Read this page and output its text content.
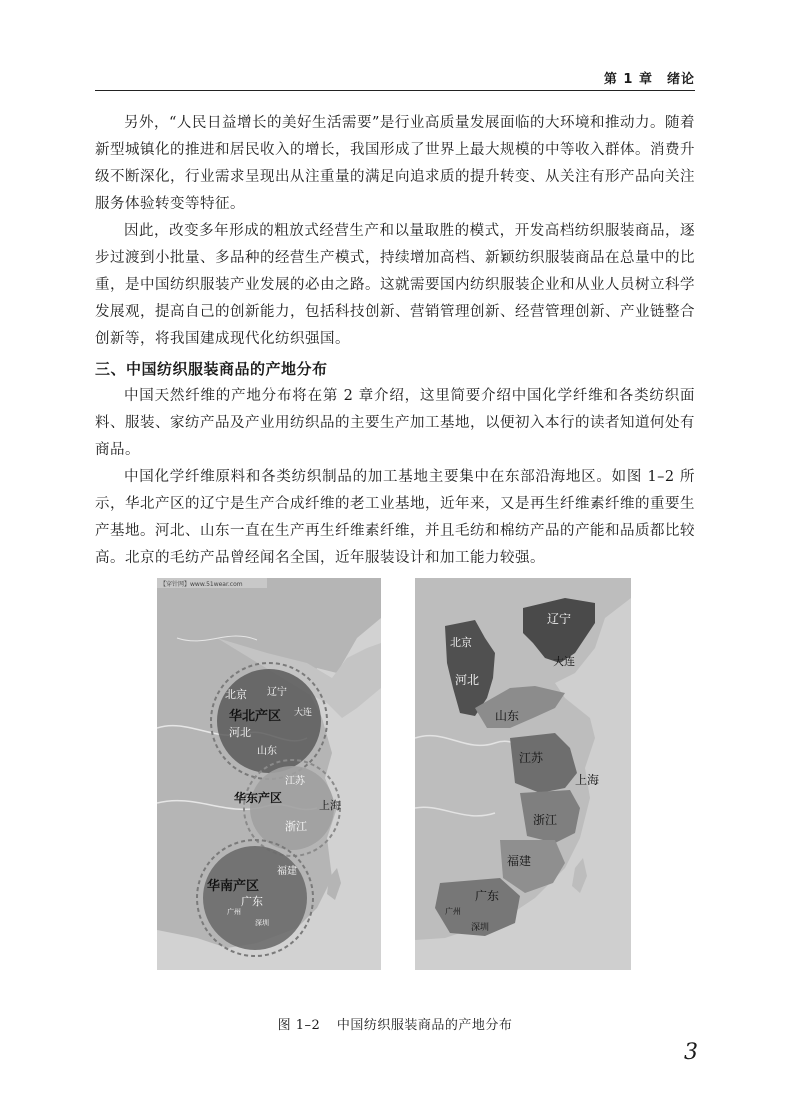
第 1 章　绪论

另外，“人民日益增长的美好生活需要”是行业高质量发展面临的大环境和推动力。随着新型城镇化的推进和居民收入的增长，我国形成了世界上最大规模的中等收入群体。消费升级不断深化，行业需求呈现出从注重量的满足向追求质的提升转变、从关注有形产品向关注服务体验转变等特征。

因此，改变多年形成的粗放式经营生产和以量取胜的模式，开发高档纺织服装商品，逐步过渡到小批量、多品种的经营生产模式，持续增加高档、新颖纺织服装商品在总量中的比重，是中国纺织服装产业发展的必由之路。这就需要国内纺织服装企业和从业人员树立科学发展观，提高自己的创新能力，包括科技创新、营销管理创新、经营管理创新、产业链整合创新等，将我国建成现代化纺织强国。

三、中国纺织服装商品的产地分布

中国天然纤维的产地分布将在第 2 章介绍，这里简要介绍中国化学纤维和各类纺织面料、服装、家纺产品及产业用纺织品的主要生产加工基地，以便初入本行的读者知道何处有商品。

中国化学纤维原料和各类纺织制品的加工基地主要集中在东部沿海地区。如图 1–2 所示，华北产区的辽宁是生产合成纤维的老工业基地，近年来，又是再生纤维素纤维的重要生产基地。河北、山东一直在生产再生纤维素纤维，并且毛纺和棉纺产品的产能和品质都比较高。北京的毛纺产品曾经闻名全国，近年服装设计和加工能力较强。

【穿针网】www.51wear.com
北京 辽宁
大连
华北产区
河北
山东
江苏
华东产区
上海
浙江
福建
华南产区
广东
广州
深圳
辽宁
大连
北京
河北
山东
江苏
上海
浙江
福建
广东
广州
深圳
图 1–2 中国纺织服装商品的产地分布
3
